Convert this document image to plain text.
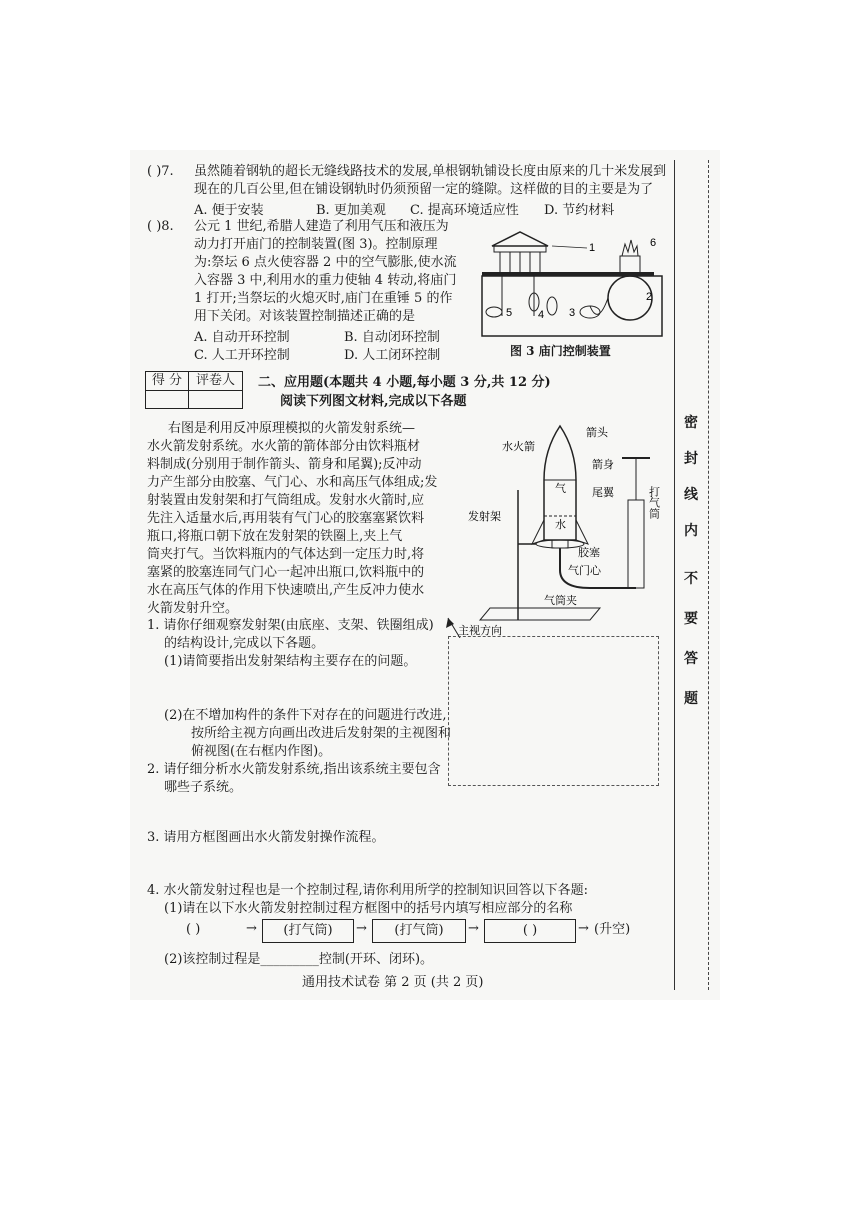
( )7. 虽然随着钢轨的超长无缝线路技术的发展,单根钢轨铺设长度由原来的几十米发展到
现在的几百公里,但在铺设钢轨时仍须预留一定的缝隙。这样做的目的主要是为了
A. 便于安装	B. 更加美观 C. 提高环境适应性 D. 节约材料
( )8. 公元 1 世纪,希腊人建造了利用气压和液压为
动力打开庙门的控制装置(图 3)。控制原理
为:祭坛 6 点火使容器 2 中的空气膨胀,使水流
入容器 3 中,利用水的重力使轴 4 转动,将庙门
1 打开;当祭坛的火熄灭时,庙门在重锤 5 的作
用下关闭。对该装置控制描述正确的是
A. 自动开环控制	B. 自动闭环控制
C. 人工开环控制	D. 人工闭环控制
1
2
3
4
5
6
图 3 庙门控制装置
得 分	评卷人	二、应用题(本题共 4 小题,每小题 3 分,共 12 分)
阅读下列图文材料,完成以下各题
右图是利用反冲原理模拟的火箭发射系统—
水火箭发射系统。水火箭的箭体部分由饮料瓶材
料制成(分别用于制作箭头、箭身和尾翼);反冲动
力产生部分由胶塞、气门心、水和高压气体组成;发
射装置由发射架和打气筒组成。发射水火箭时,应
先注入适量水后,再用装有气门心的胶塞塞紧饮料
瓶口,将瓶口朝下放在发射架的铁圈上,夹上气
筒夹打气。当饮料瓶内的气体达到一定压力时,将
塞紧的胶塞连同气门心一起冲出瓶口,饮料瓶中的
水在高压气体的作用下快速喷出,产生反冲力使水
火箭发射升空。
箭头
水火箭
箭身
气 尾翼
水
发射架
胶塞
气门心
气筒夹
主视方向
打气筒
1. 请你仔细观察发射架(由底座、支架、铁圈组成)
的结构设计,完成以下各题。
(1)请简要指出发射架结构主要存在的问题。
(2)在不增加构件的条件下对存在的问题进行改进,
按所给主视方向画出改进后发射架的主视图和
俯视图(在右框内作图)。
2. 请仔细分析水火箭发射系统,指出该系统主要包含
哪些子系统。
3. 请用方框图画出水火箭发射操作流程。
4. 水火箭发射过程也是一个控制过程,请你利用所学的控制知识回答以下各题:
(1)请在以下水火箭发射控制过程方框图中的括号内填写相应部分的名称
( )	→	(打气筒)	→	(打气筒)	→	( )	→ (升空)
(2)该控制过程是_________控制(开环、闭环)。
通用技术试卷 第 2 页 (共 2 页)
密
封
线
内
不
要
答
题
